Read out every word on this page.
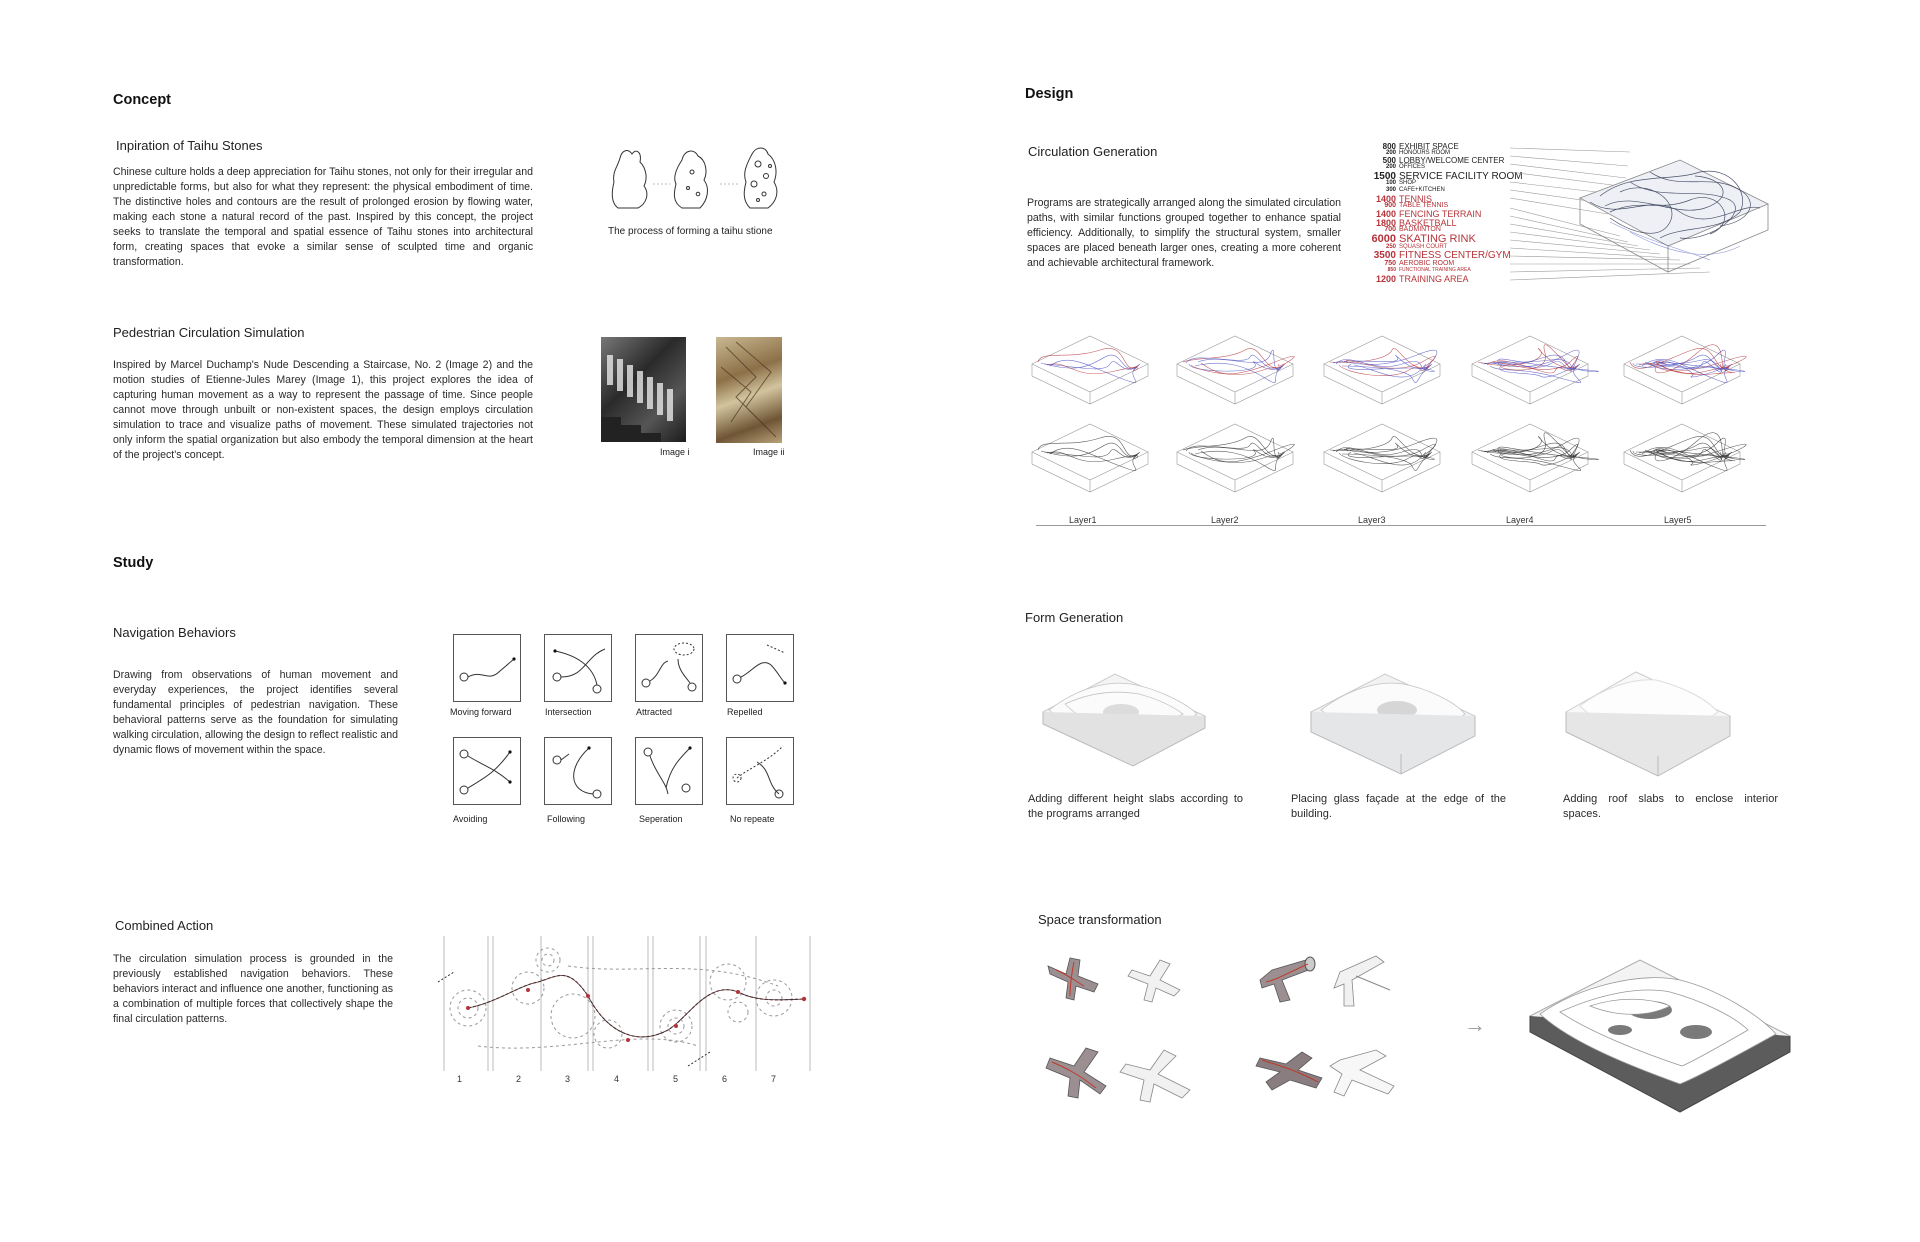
Concept
Inpiration of Taihu Stones
Chinese culture holds a deep appreciation for Taihu stones, not only for their irregular and unpredictable forms, but also for what they represent: the physical embodiment of time. The distinctive holes and contours are the result of prolonged erosion by flowing water, making each stone a natural record of the past. Inspired by this concept, the project seeks to translate the temporal and spatial essence of Taihu stones into architectural form, creating spaces that evoke a similar sense of sculpted time and organic transformation.
The process of forming a taihu stione
Pedestrian Circulation Simulation
Inspired by Marcel Duchamp's Nude Descending a Staircase, No. 2 (Image 2) and the motion studies of Etienne-Jules Marey (Image 1), this project explores the idea of capturing human movement as a way to represent the passage of time. Since people cannot move through unbuilt or non-existent spaces, the design employs circulation simulation to trace and visualize paths of movement. These simulated trajectories not only inform the spatial organization but also embody the temporal dimension at the heart of the project's concept.	Image i	Image ii
Study
Navigation Behaviors
Drawing from observations of human movement and everyday experiences, the project identifies several fundamental principles of pedestrian navigation. These behavioral patterns serve as the foundation for simulating walking circulation, allowing the design to reflect realistic and dynamic flows of movement within the space.
Moving forward	Intersection	Attracted	Repelled
Avoiding	Following	Seperation	No repeate
Combined Action
The circulation simulation process is grounded in the previously established navigation behaviors. These behaviors interact and influence one another, functioning as a combination of multiple forces that collectively shape the final circulation patterns.
1	2	3	4	5	6	7
Design
Circulation Generation
Programs are strategically arranged along the simulated circulation paths, with similar functions grouped together to enhance spatial efficiency. Additionally, to simplify the structural system, smaller spaces are placed beneath larger ones, creating a more coherent and achievable architectural framework.
800 EXHIBIT SPACE
200 HONOURS ROOM
500 LOBBY/WELCOME CENTER
200 OFFICES
1500 SERVICE FACILITY ROOM
100 SHOP
300 CAFE+KITCHEN
1400 TENNIS
900 TABLE TENNIS
1400 FENCING TERRAIN
1800 BASKETBALL
700 BADMINTON
6000 SKATING RINK
250 SQUASH COURT
3500 FITNESS CENTER/GYM
750 AEROBIC ROOM
850 FUNCTIONAL TRAINING AREA
1200 TRAINING AREA
Layer1	Layer2	Layer3	Layer4	Layer5
Form Generation
Adding different height slabs according to the programs arranged
Placing glass façade at the edge of the building.
Adding roof slabs to enclose interior spaces.
Space transformation
→
